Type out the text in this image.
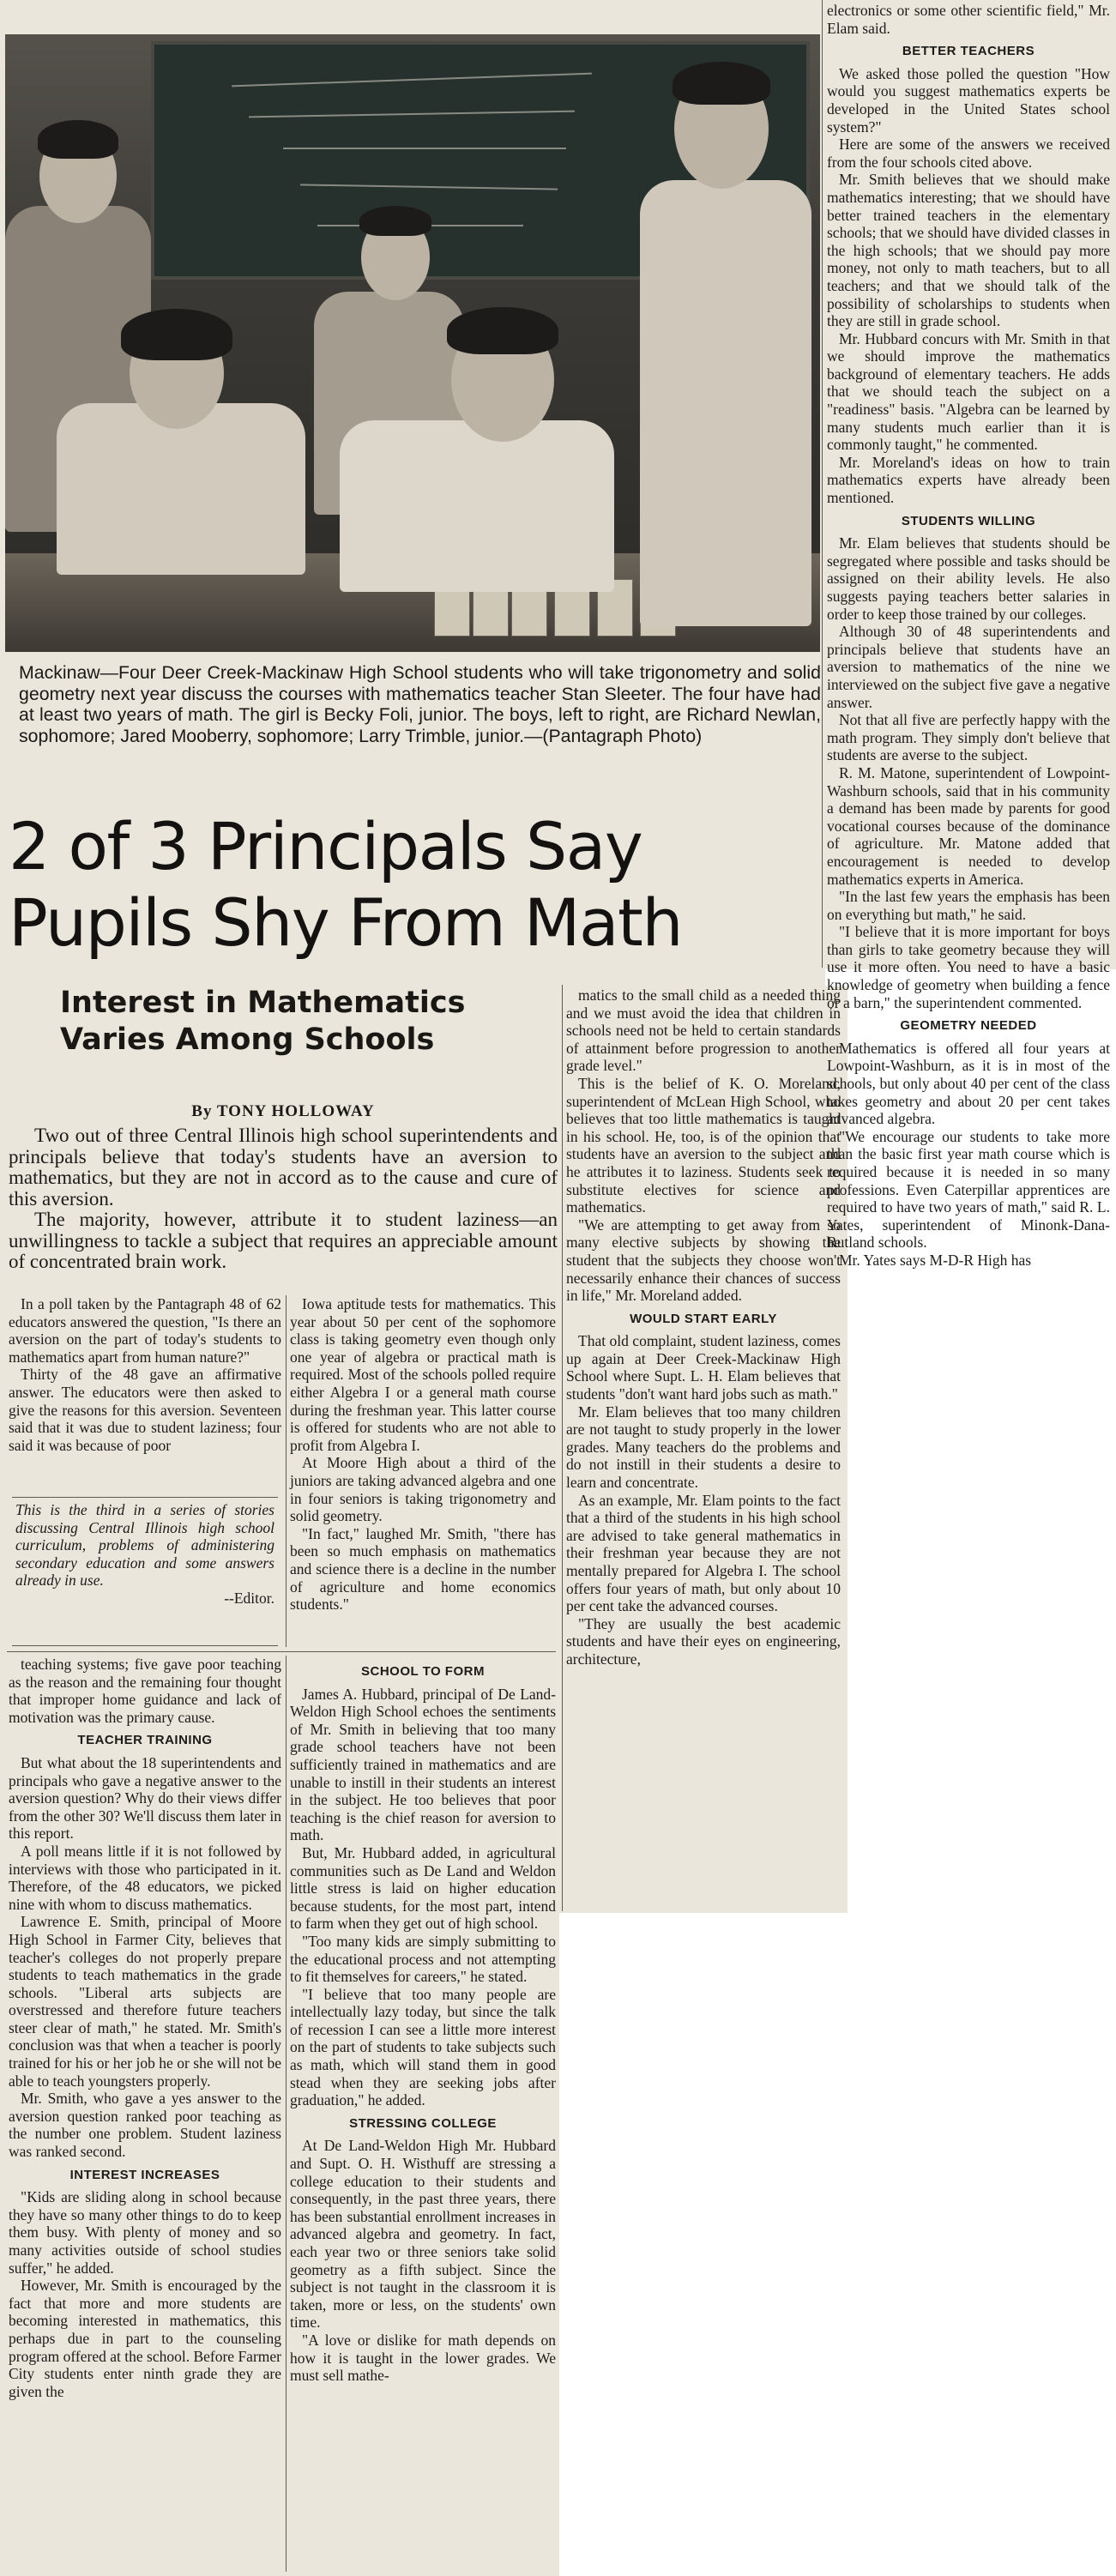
Mackinaw—Four Deer Creek-Mackinaw High School students who will take trigonometry and solid geometry next year discuss the courses with mathematics teacher Stan Sleeter. The four have had at least two years of math. The girl is Becky Foli, junior. The boys, left to right, are Richard Newlan, sophomore; Jared Mooberry, sophomore; Larry Trimble, junior.—(Pantagraph Photo)
2 of 3 Principals Say
Pupils Shy From Math
Interest in Mathematics
Varies Among Schools
By TONY HOLLOWAY

Two out of three Central Illinois high school superintendents and principals believe that today's students have an aversion to mathematics, but they are not in accord as to the cause and cure of this aversion.

The majority, however, attribute it to student laziness—an unwillingness to tackle a subject that requires an appreciable amount of concentrated brain work.

In a poll taken by the Pantagraph 48 of 62 educators answered the question, "Is there an aversion on the part of today's students to mathematics apart from human nature?"

Thirty of the 48 gave an affirmative answer. The educators were then asked to give the reasons for this aversion. Seventeen said that it was due to student laziness; four said it was because of poor

This is the third in a series of stories discussing Central Illinois high school curriculum, problems of administering secondary education and some answers already in use.
--Editor.

Iowa aptitude tests for mathematics. This year about 50 per cent of the sophomore class is taking geometry even though only one year of algebra or practical math is required. Most of the schools polled require either Algebra I or a general math course during the freshman year. This latter course is offered for students who are not able to profit from Algebra I.

At Moore High about a third of the juniors are taking advanced algebra and one in four seniors is taking trigonometry and solid geometry.

"In fact," laughed Mr. Smith, "there has been so much emphasis on mathematics and science there is a decline in the number of agriculture and home economics students."

matics to the small child as a needed thing and we must avoid the idea that children in schools need not be held to certain standards of attainment before progression to another grade level."

This is the belief of K. O. Moreland, superintendent of McLean High School, who believes that too little mathematics is taught in his school. He, too, is of the opinion that students have an aversion to the subject and he attributes it to laziness. Students seek to substitute electives for science and mathematics.

"We are attempting to get away from so many elective subjects by showing the student that the subjects they choose won't necessarily enhance their chances of success in life," Mr. Moreland added.

WOULD START EARLY

That old complaint, student laziness, comes up again at Deer Creek-Mackinaw High School where Supt. L. H. Elam believes that students "don't want hard jobs such as math."

Mr. Elam believes that too many children are not taught to study properly in the lower grades. Many teachers do the problems and do not instill in their students a desire to learn and concentrate.

As an example, Mr. Elam points to the fact that a third of the students in his high school are advised to take general mathematics in their freshman year because they are not mentally prepared for Algebra I. The school offers four years of math, but only about 10 per cent take the advanced courses.

"They are usually the best academic students and have their eyes on engineering, architecture,

teaching systems; five gave poor teaching as the reason and the remaining four thought that improper home guidance and lack of motivation was the primary cause.

TEACHER TRAINING

But what about the 18 superintendents and principals who gave a negative answer to the aversion question? Why do their views differ from the other 30? We'll discuss them later in this report.

A poll means little if it is not followed by interviews with those who participated in it. Therefore, of the 48 educators, we picked nine with whom to discuss mathematics.

Lawrence E. Smith, principal of Moore High School in Farmer City, believes that teacher's colleges do not properly prepare students to teach mathematics in the grade schools. "Liberal arts subjects are overstressed and therefore future teachers steer clear of math," he stated. Mr. Smith's conclusion was that when a teacher is poorly trained for his or her job he or she will not be able to teach youngsters properly.

Mr. Smith, who gave a yes answer to the aversion question ranked poor teaching as the number one problem. Student laziness was ranked second.

INTEREST INCREASES

"Kids are sliding along in school because they have so many other things to do to keep them busy. With plenty of money and so many activities outside of school studies suffer," he added.

However, Mr. Smith is encouraged by the fact that more and more students are becoming interested in mathematics, this perhaps due in part to the counseling program offered at the school. Before Farmer City students enter ninth grade they are given the

SCHOOL TO FORM

James A. Hubbard, principal of De Land-Weldon High School echoes the sentiments of Mr. Smith in believing that too many grade school teachers have not been sufficiently trained in mathematics and are unable to instill in their students an interest in the subject. He too believes that poor teaching is the chief reason for aversion to math.

But, Mr. Hubbard added, in agricultural communities such as De Land and Weldon little stress is laid on higher education because students, for the most part, intend to farm when they get out of high school.

"Too many kids are simply submitting to the educational process and not attempting to fit themselves for careers," he stated.

"I believe that too many people are intellectually lazy today, but since the talk of recession I can see a little more interest on the part of students to take subjects such as math, which will stand them in good stead when they are seeking jobs after graduation," he added.

STRESSING COLLEGE

At De Land-Weldon High Mr. Hubbard and Supt. O. H. Wisthuff are stressing a college education to their students and consequently, in the past three years, there has been substantial enrollment increases in advanced algebra and geometry. In fact, each year two or three seniors take solid geometry as a fifth subject. Since the subject is not taught in the classroom it is taken, more or less, on the students' own time.

"A love or dislike for math depends on how it is taught in the lower grades. We must sell mathe-

electronics or some other scientific field," Mr. Elam said.

BETTER TEACHERS

We asked those polled the question "How would you suggest mathematics experts be developed in the United States school system?"

Here are some of the answers we received from the four schools cited above.

Mr. Smith believes that we should make mathematics interesting; that we should have better trained teachers in the elementary schools; that we should have divided classes in the high schools; that we should pay more money, not only to math teachers, but to all teachers; and that we should talk of the possibility of scholarships to students when they are still in grade school.

Mr. Hubbard concurs with Mr. Smith in that we should improve the mathematics background of elementary teachers. He adds that we should teach the subject on a "readiness" basis. "Algebra can be learned by many students much earlier than it is commonly taught," he commented.

Mr. Moreland's ideas on how to train mathematics experts have already been mentioned.

STUDENTS WILLING

Mr. Elam believes that students should be segregated where possible and tasks should be assigned on their ability levels. He also suggests paying teachers better salaries in order to keep those trained by our colleges.

Although 30 of 48 superintendents and principals believe that students have an aversion to mathematics of the nine we interviewed on the subject five gave a negative answer.

Not that all five are perfectly happy with the math program. They simply don't believe that students are averse to the subject.

R. M. Matone, superintendent of Lowpoint-Washburn schools, said that in his community a demand has been made by parents for good vocational courses because of the dominance of agriculture. Mr. Matone added that encouragement is needed to develop mathematics experts in America.

"In the last few years the emphasis has been on everything but math," he said.

"I believe that it is more important for boys than girls to take geometry because they will use it more often. You need to have a basic knowledge of geometry when building a fence or a barn," the superintendent commented.

GEOMETRY NEEDED

Mathematics is offered all four years at Lowpoint-Washburn, as it is in most of the schools, but only about 40 per cent of the class takes geometry and about 20 per cent takes advanced algebra.

"We encourage our students to take more than the basic first year math course which is required because it is needed in so many professions. Even Caterpillar apprentices are required to have two years of math," said R. L. Yates, superintendent of Minonk-Dana-Rutland schools.

Mr. Yates says M-D-R High has
